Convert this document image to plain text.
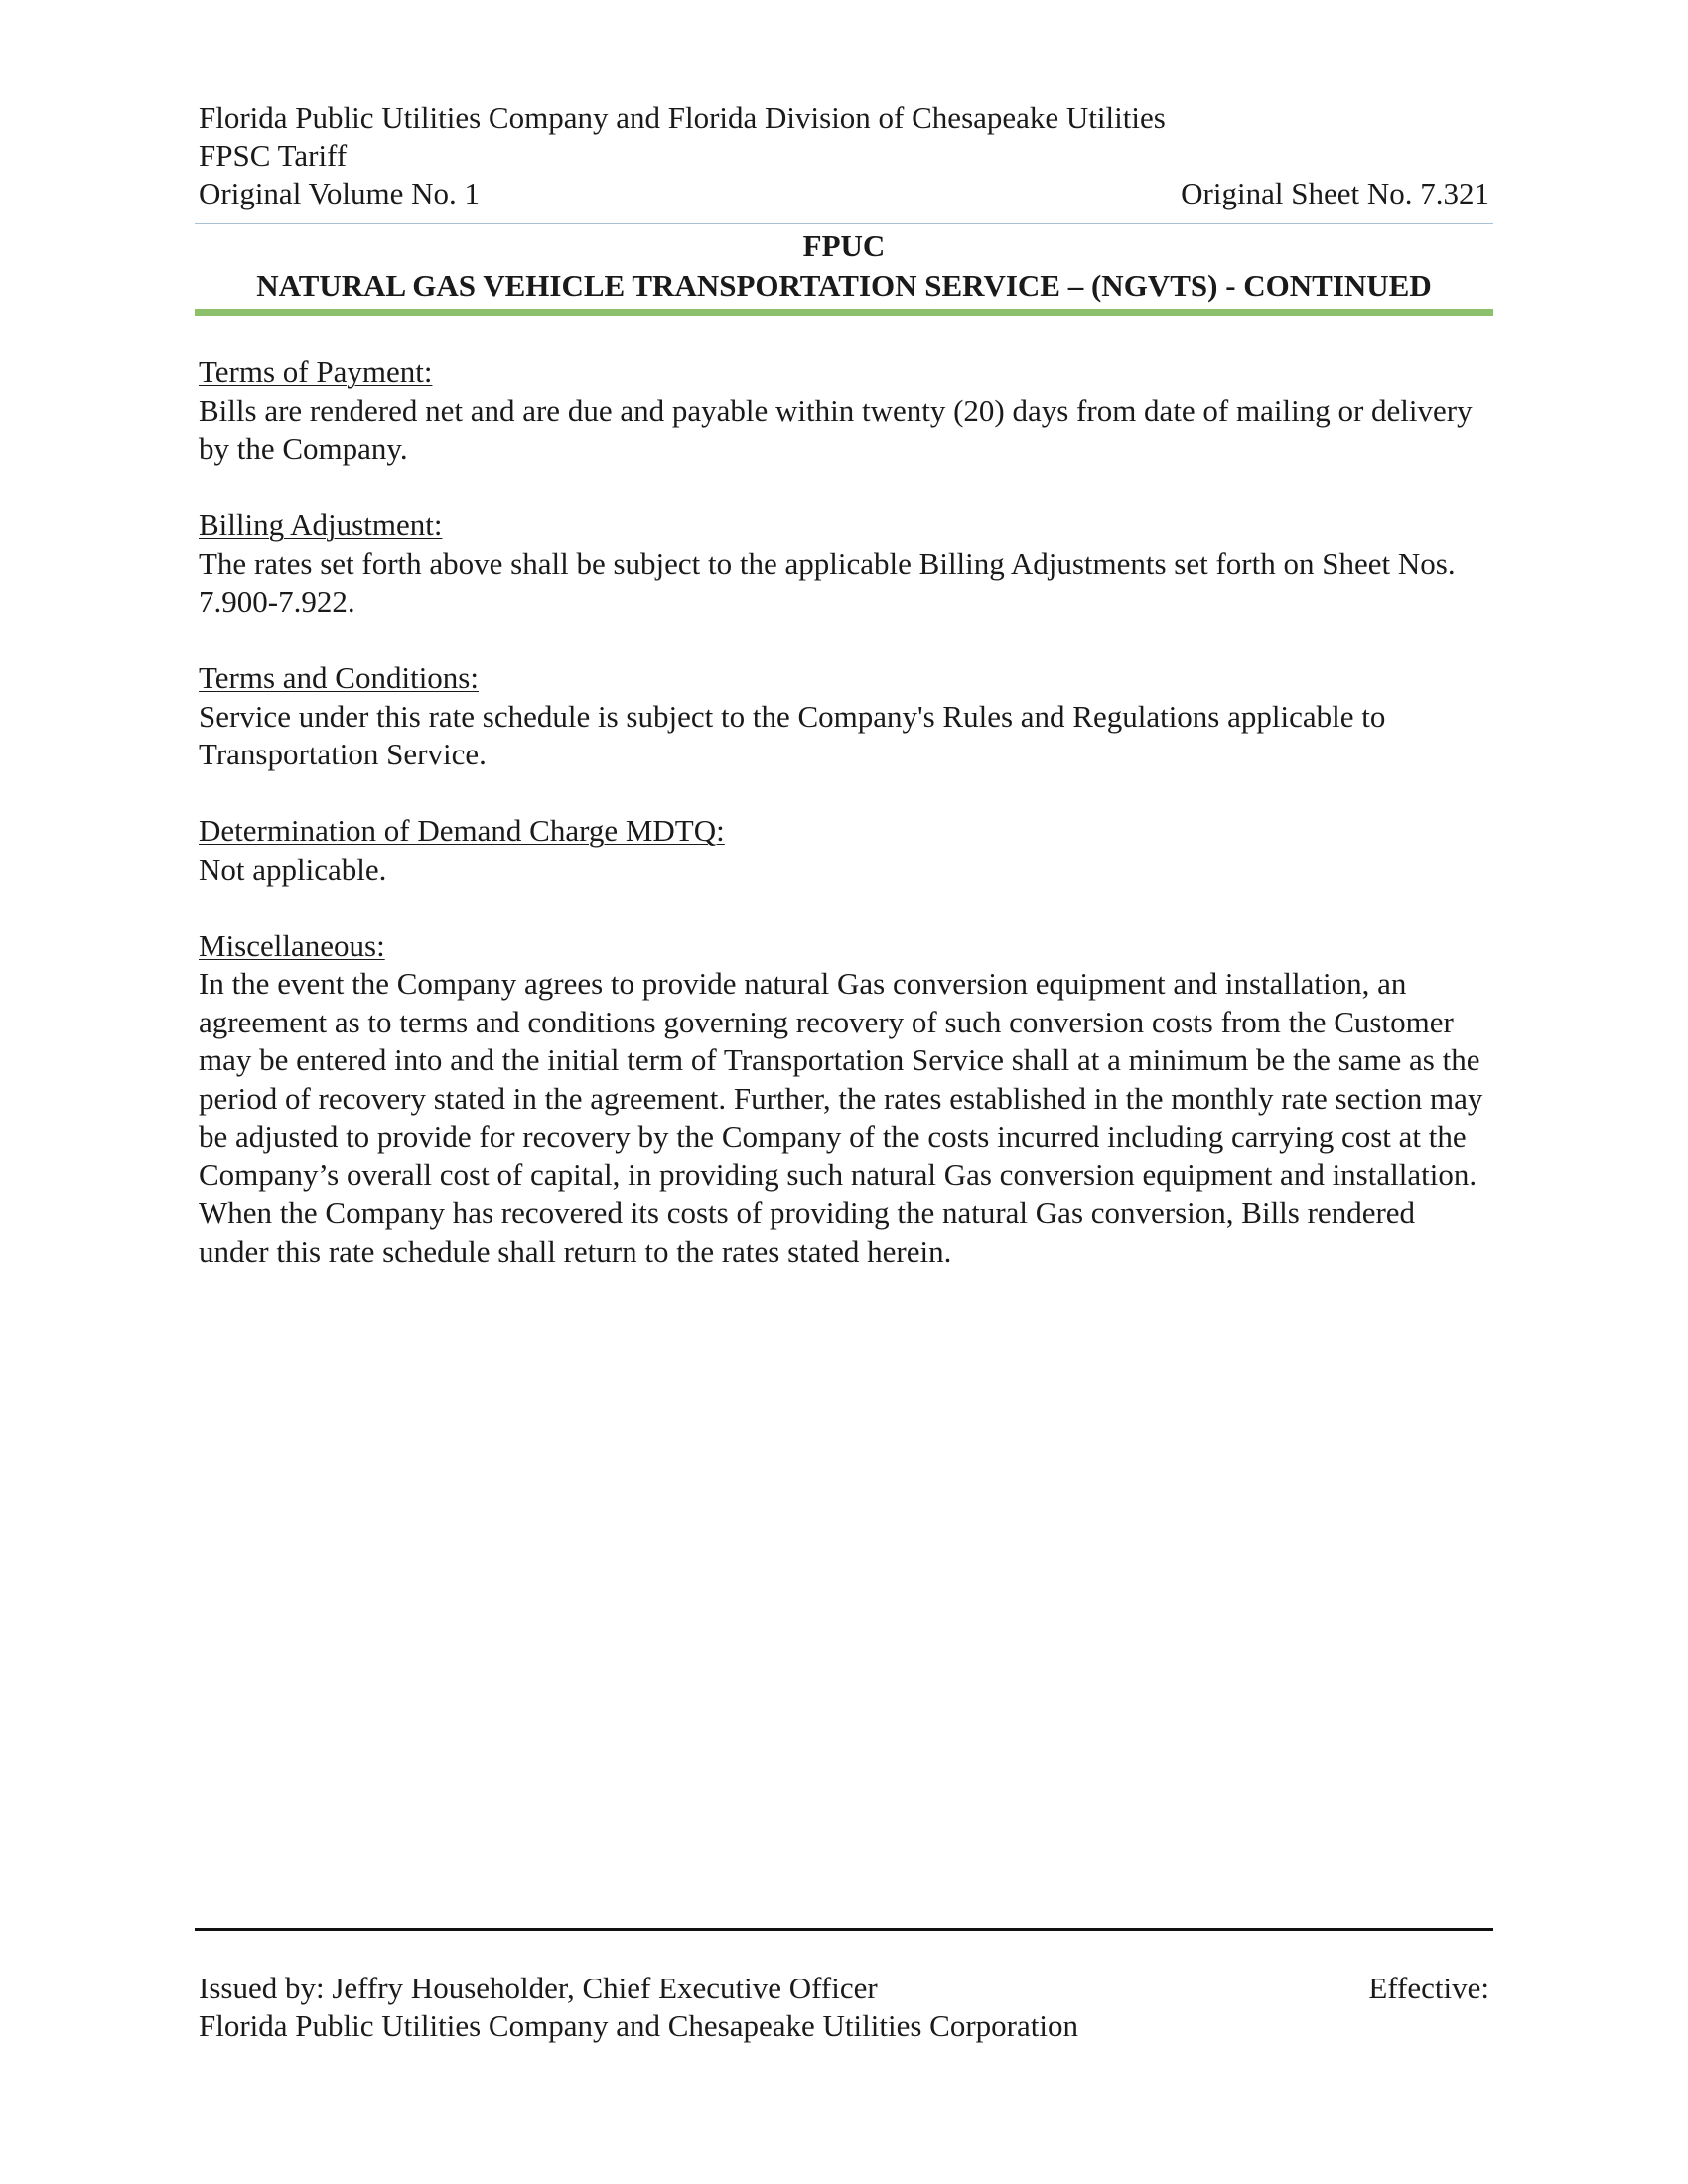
Florida Public Utilities Company and Florida Division of Chesapeake Utilities
FPSC Tariff
Original Volume No. 1	Original Sheet No. 7.321
FPUC
NATURAL GAS VEHICLE TRANSPORTATION SERVICE – (NGVTS) - CONTINUED
Terms of Payment:
Bills are rendered net and are due and payable within twenty (20) days from date of mailing or delivery by the Company.
Billing Adjustment:
The rates set forth above shall be subject to the applicable Billing Adjustments set forth on Sheet Nos. 7.900-7.922.
Terms and Conditions:
Service under this rate schedule is subject to the Company's Rules and Regulations applicable to Transportation Service.
Determination of Demand Charge MDTQ:
Not applicable.
Miscellaneous:
In the event the Company agrees to provide natural Gas conversion equipment and installation, an agreement as to terms and conditions governing recovery of such conversion costs from the Customer may be entered into and the initial term of Transportation Service shall at a minimum be the same as the period of recovery stated in the agreement. Further, the rates established in the monthly rate section may be adjusted to provide for recovery by the Company of the costs incurred including carrying cost at the Company’s overall cost of capital, in providing such natural Gas conversion equipment and installation. When the Company has recovered its costs of providing the natural Gas conversion, Bills rendered under this rate schedule shall return to the rates stated herein.
Issued by: Jeffry Householder, Chief Executive Officer	Effective:
Florida Public Utilities Company and Chesapeake Utilities Corporation
